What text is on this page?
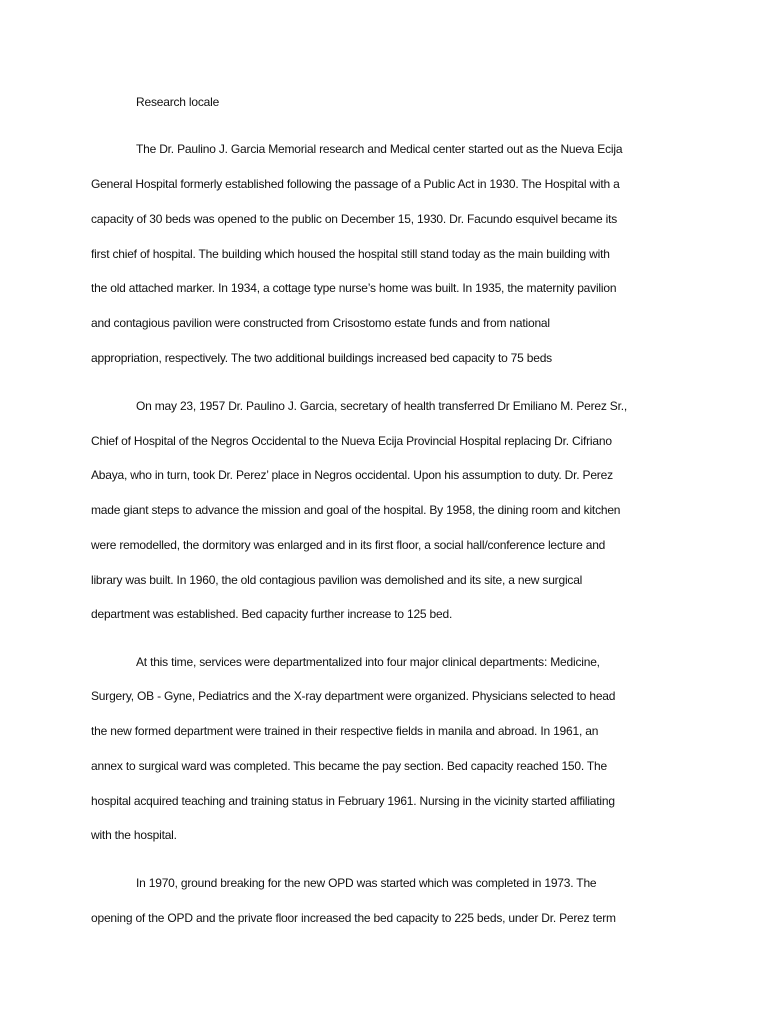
Research locale
The Dr. Paulino J. Garcia Memorial research and Medical center started out as the Nueva Ecija
General Hospital formerly established following the passage of a Public Act in 1930. The Hospital with a
capacity of 30 beds was opened to the public on December 15, 1930. Dr. Facundo esquivel became its
first chief of hospital. The building which housed the hospital still stand today as the main building with
the old attached marker. In 1934, a cottage type nurse’s home was built. In 1935, the maternity pavilion
and contagious pavilion were constructed from Crisostomo estate funds and from national
appropriation, respectively. The two additional buildings increased bed capacity to 75 beds
On may 23, 1957 Dr. Paulino J. Garcia, secretary of health transferred Dr Emiliano M. Perez Sr.,
Chief of Hospital of the Negros Occidental to the Nueva Ecija Provincial Hospital replacing Dr. Cifriano
Abaya, who in turn, took Dr. Perez’ place in Negros occidental. Upon his assumption to duty. Dr. Perez
made giant steps to advance the mission and goal of the hospital. By 1958, the dining room and kitchen
were remodelled, the dormitory was enlarged and in its first floor, a social hall/conference lecture and
library was built. In 1960, the old contagious pavilion was demolished and its site, a new surgical
department was established. Bed capacity further increase to 125 bed.
At this time, services were departmentalized into four major clinical departments: Medicine,
Surgery, OB - Gyne, Pediatrics and the X-ray department were organized. Physicians selected to head
the new formed department were trained in their respective fields in manila and abroad. In 1961, an
annex to surgical ward was completed. This became the pay section. Bed capacity reached 150. The
hospital acquired teaching and training status in February 1961. Nursing in the vicinity started affiliating
with the hospital.
In 1970, ground breaking for the new OPD was started which was completed in 1973. The
opening of the OPD and the private floor increased the bed capacity to 225 beds, under Dr. Perez term
